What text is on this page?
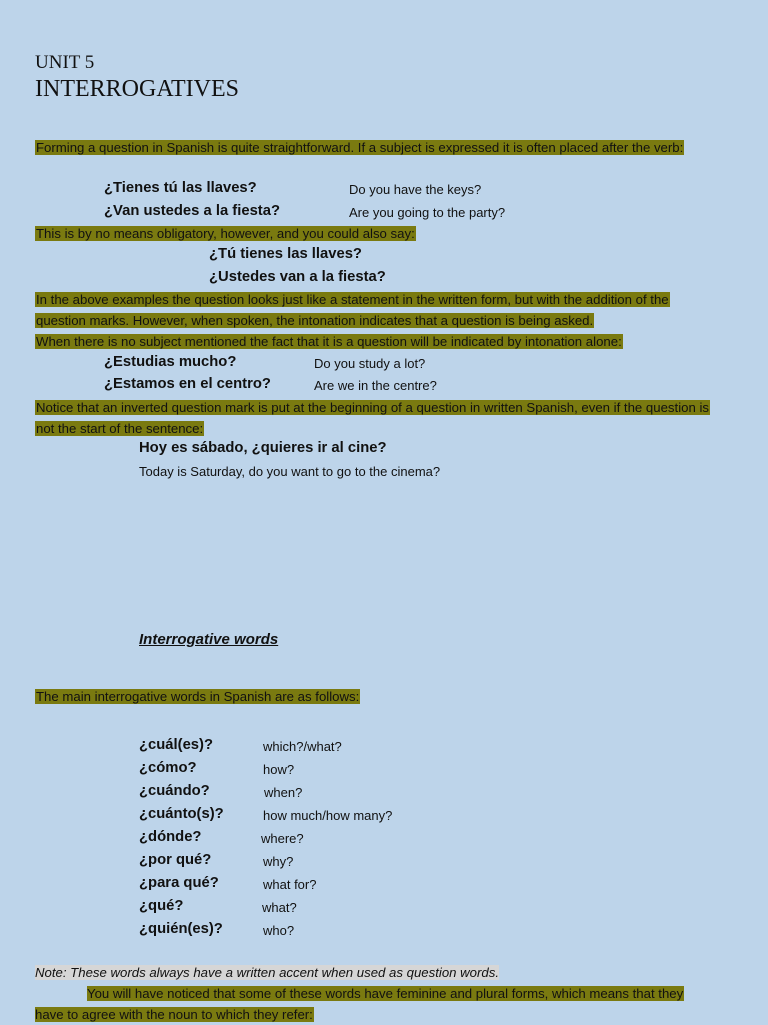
UNIT 5
INTERROGATIVES
Forming a question in Spanish is quite straightforward. If a subject is expressed it is often placed after the verb:
¿Tienes tú las llaves?	Do you have the keys?
¿Van ustedes a la fiesta?	Are you going to the party?
This is by no means obligatory, however, and you could also say:
¿Tú tienes las llaves?
¿Ustedes van a la fiesta?
In the above examples the question looks just like a statement in the written form, but with the addition of the question marks. However, when spoken, the intonation indicates that a question is being asked.
When there is no subject mentioned the fact that it is a question will be indicated by intonation alone:
¿Estudias mucho?	Do you study a lot?
¿Estamos en el centro?	Are we in the centre?
Notice that an inverted question mark is put at the beginning of a question in written Spanish, even if the question is not the start of the sentence:
Hoy es sábado, ¿quieres ir al cine?
Today is Saturday, do you want to go to the cinema?
Interrogative words
The main interrogative words in Spanish are as follows:
¿cuál(es)?	which?/what?
¿cómo?	how?
¿cuándo?	when?
¿cuánto(s)?	how much/how many?
¿dónde?	where?
¿por qué?	why?
¿para qué?	what for?
¿qué?	what?
¿quién(es)?	who?
Note: These words always have a written accent when used as question words.
You will have noticed that some of these words have feminine and plural forms, which means that they have to agree with the noun to which they refer:
